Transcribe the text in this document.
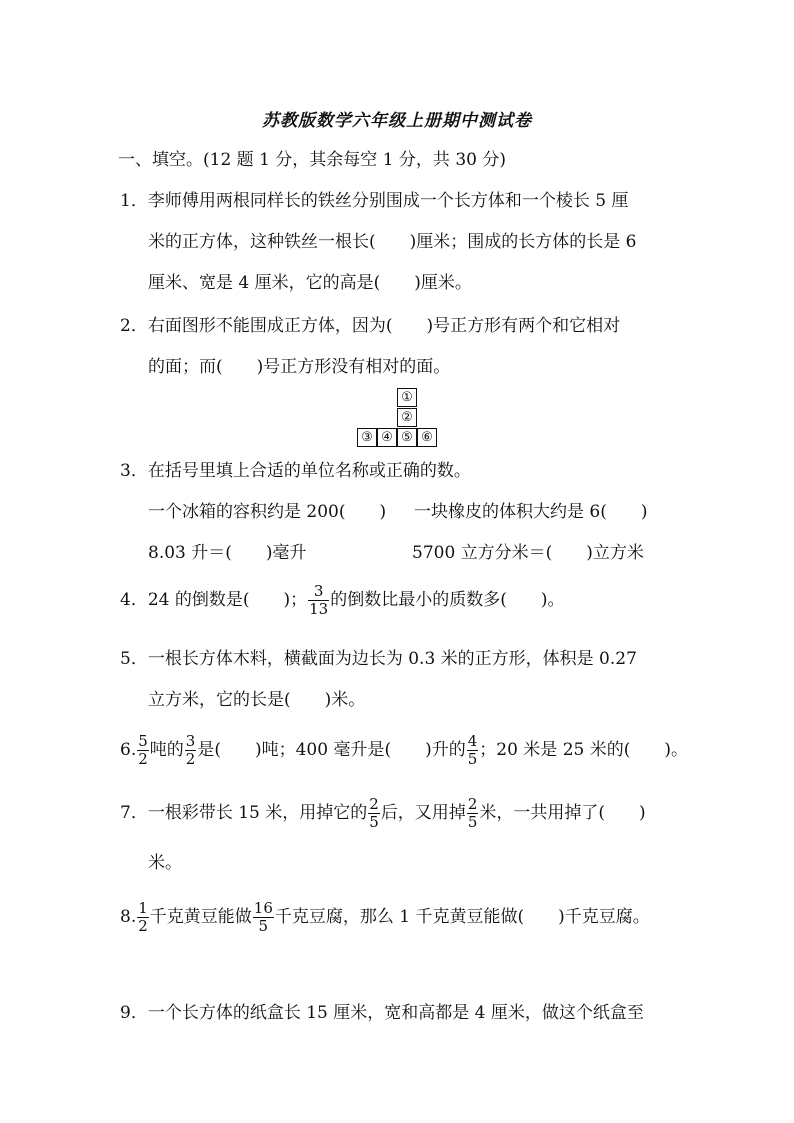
苏教版数学六年级上册期中测试卷
一、填空。(12 题 1 分，其余每空 1 分，共 30 分)
1．李师傅用两根同样长的铁丝分别围成一个长方体和一个棱长 5 厘
米的正方体，这种铁丝一根长(　　)厘米；围成的长方体的长是 6
厘米、宽是 4 厘米，它的高是(　　)厘米。
2．右面图形不能围成正方体，因为(　　)号正方形有两个和它相对
的面；而(　　)号正方形没有相对的面。
①
②
③ ④ ⑤ ⑥
3．在括号里填上合适的单位名称或正确的数。
一个冰箱的容积约是 200(　　) 一块橡皮的体积大约是 6(　　)
8.03 升＝(　　)毫升	5700 立方分米＝(　　)立方米
4．24 的倒数是(　　)； $\frac{3}{13}$ 的倒数比最小的质数多(　　)。
5．一根长方体木料，横截面为边长为 0.3 米的正方形，体积是 0.27
立方米，它的长是(　　)米。
6. $\frac{5}{2}$ 吨的 $\frac{3}{2}$ 是(　　)吨；400 毫升是(　　)升的 $\frac{4}{5}$ ；20 米是 25 米的(　　)。
7．一根彩带长 15 米，用掉它的 $\frac{2}{5}$ 后，又用掉 $\frac{2}{5}$ 米，一共用掉了(　　)
米。
8. $\frac{1}{2}$ 千克黄豆能做 $\frac{16}{5}$ 千克豆腐，那么 1 千克黄豆能做(　　)千克豆腐。
9．一个长方体的纸盒长 15 厘米，宽和高都是 4 厘米，做这个纸盒至
